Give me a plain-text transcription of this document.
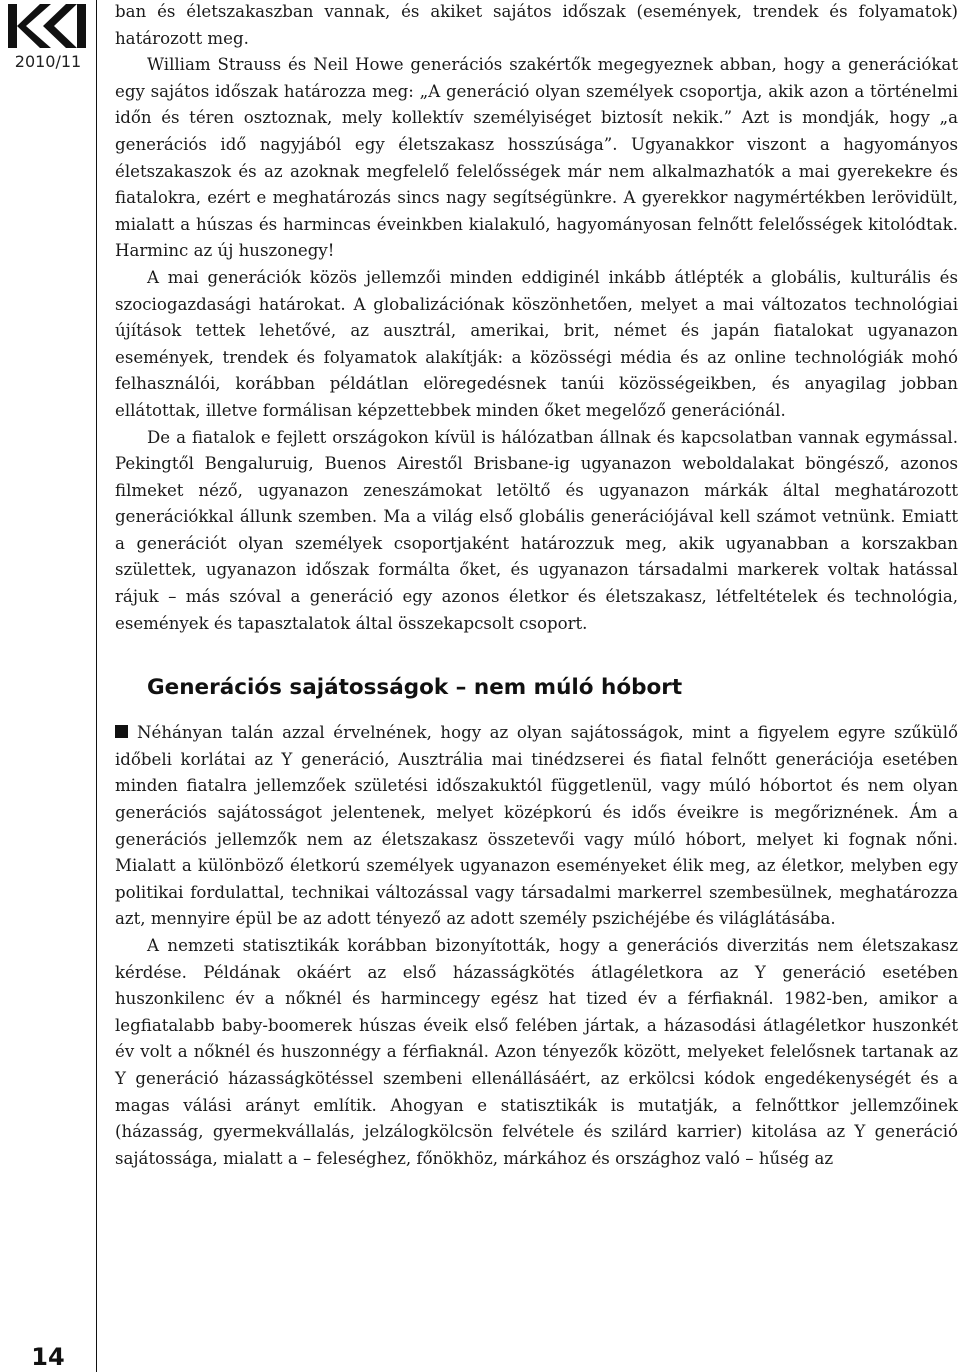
2010/11
14

ban és életszakaszban vannak, és akiket sajátos időszak (események, trendek és folyamatok) határozott meg.

William Strauss és Neil Howe generációs szakértők megegyeznek abban, hogy a generációkat egy sajátos időszak határozza meg: „A generáció olyan személyek csoportja, akik azon a történelmi időn és téren osztoznak, mely kollektív személyiséget biztosít nekik.” Azt is mondják, hogy „a generációs idő nagyjából egy életszakasz hosszúsága”. Ugyanakkor viszont a hagyományos életszakaszok és az azoknak megfelelő felelősségek már nem alkalmazhatók a mai gyerekekre és fiatalokra, ezért e meghatározás sincs nagy segítségünkre. A gyerekkor nagymértékben lerövidült, mialatt a húszas és harmincas éveinkben kialakuló, hagyományosan felnőtt felelősségek kitolódtak. Harminc az új huszonegy!

A mai generációk közös jellemzői minden eddiginél inkább átlépték a globális, kulturális és szociogazdasági határokat. A globalizációnak köszönhetően, melyet a mai változatos technológiai újítások tettek lehetővé, az ausztrál, amerikai, brit, német és japán fiatalokat ugyanazon események, trendek és folyamatok alakítják: a közösségi média és az online technológiák mohó felhasználói, korábban példátlan elöregedésnek tanúi közösségeikben, és anyagilag jobban ellátottak, illetve formálisan képzettebbek minden őket megelőző generációnál.

De a fiatalok e fejlett országokon kívül is hálózatban állnak és kapcsolatban vannak egymással. Pekingtől Bengaluruig, Buenos Airestől Brisbane-ig ugyanazon weboldalakat böngésző, azonos filmeket néző, ugyanazon zeneszámokat letöltő és ugyanazon márkák által meghatározott generációkkal állunk szemben. Ma a világ első globális generációjával kell számot vetnünk. Emiatt a generációt olyan személyek csoportjaként határozzuk meg, akik ugyanabban a korszakban születtek, ugyanazon időszak formálta őket, és ugyanazon társadalmi markerek voltak hatással rájuk – más szóval a generáció egy azonos életkor és életszakasz, létfeltételek és technológia, események és tapasztalatok által összekapcsolt csoport.

Generációs sajátosságok – nem múló hóbort

Néhányan talán azzal érvelnének, hogy az olyan sajátosságok, mint a figyelem egyre szűkülő időbeli korlátai az Y generáció, Ausztrália mai tinédzserei és fiatal felnőtt generációja esetében minden fiatalra jellemzőek születési időszakuktól függetlenül, vagy múló hóbortot és nem olyan generációs sajátosságot jelentenek, melyet középkorú és idős éveikre is megőriznének. Ám a generációs jellemzők nem az életszakasz összetevői vagy múló hóbort, melyet ki fognak nőni. Mialatt a különböző életkorú személyek ugyanazon eseményeket élik meg, az életkor, melyben egy politikai fordulattal, technikai változással vagy társadalmi markerrel szembesülnek, meghatározza azt, mennyire épül be az adott tényező az adott személy pszichéjébe és világlátásába.

A nemzeti statisztikák korábban bizonyították, hogy a generációs diverzitás nem életszakasz kérdése. Példának okáért az első házasságkötés átlagéletkora az Y generáció esetében huszonkilenc év a nőknél és harmincegy egész hat tized év a férfiaknál. 1982-ben, amikor a legfiatalabb baby-boomerek húszas éveik első felében jártak, a házasodási átlagéletkor huszonkét év volt a nőknél és huszonnégy a férfiaknál. Azon tényezők között, melyeket felelősnek tartanak az Y generáció házasságkötéssel szembeni ellenállásáért, az erkölcsi kódok engedékenységét és a magas válási arányt említik. Ahogyan e statisztikák is mutatják, a felnőttkor jellemzőinek (házasság, gyermekvállalás, jelzálogkölcsön felvétele és szilárd karrier) kitolása az Y generáció sajátossága, mialatt a – feleséghez, főnökhöz, márkához és országhoz való – hűség az
